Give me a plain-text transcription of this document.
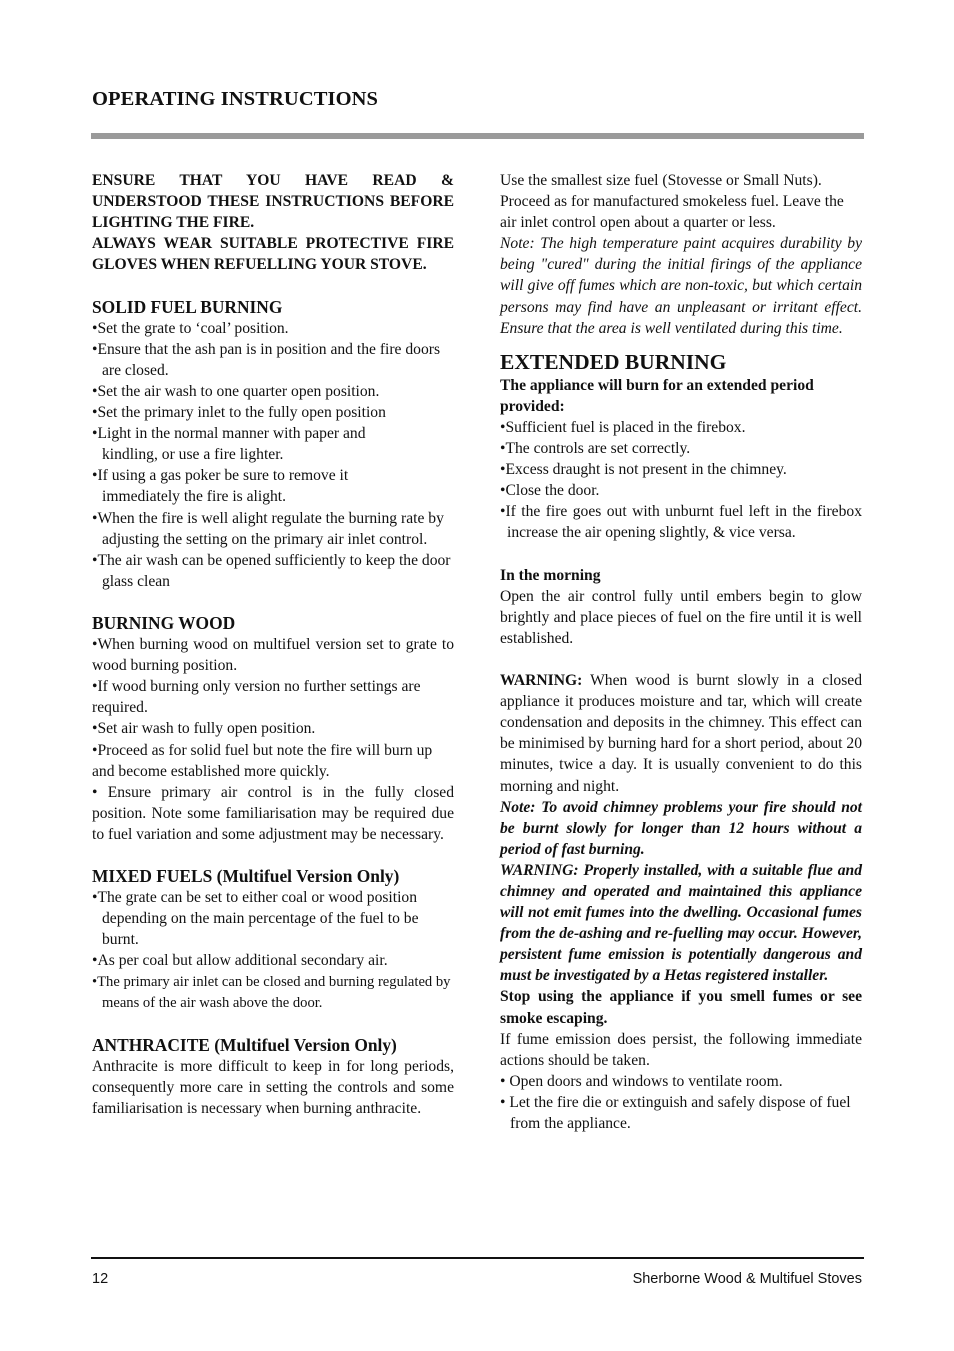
OPERATING INSTRUCTIONS

ENSURE THAT YOU HAVE READ & UNDERSTOOD THESE INSTRUCTIONS BEFORE LIGHTING THE FIRE.

ALWAYS WEAR SUITABLE PROTECTIVE FIRE GLOVES WHEN REFUELLING YOUR STOVE.

SOLID FUEL BURNING

•Set the grate to ‘coal’ position.

•Ensure that the ash pan is in position and the fire doors are closed.

•Set the air wash to one quarter open position.

•Set the primary inlet to the fully open position

•Light in the normal manner with paper and kindling, or use a fire lighter.

•If using a gas poker be sure to remove it immediately the fire is alight.

•When the fire is well alight regulate the burning rate by adjusting the setting on the primary air inlet control.

•The air wash can be opened sufficiently to keep the door glass clean

BURNING WOOD

•When burning wood on multifuel version set to grate to wood burning position.

•If wood burning only version no further settings are required.

•Set air wash to fully open position.

•Proceed as for solid fuel but note the fire will burn up and become established more quickly.

• Ensure primary air control is in the fully closed position. Note some familiarisation may be required due to fuel variation and some adjustment may be necessary.

MIXED FUELS (Multifuel Version Only)

•The grate can be set to either coal or wood position depending on the main percentage of the fuel to be burnt.

•As per coal but allow additional secondary air.

•The primary air inlet can be closed and burning regulated by means of the air wash above the door.

ANTHRACITE (Multifuel Version Only)

Anthracite is more difficult to keep in for long periods, consequently more care in setting the controls and some familiarisation is necessary when burning anthracite.

Use the smallest size fuel (Stovesse or Small Nuts). Proceed as for manufactured smokeless fuel. Leave the air inlet control open about a quarter or less.

Note: The high temperature paint acquires durability by being "cured" during the initial firings of the appliance will give off fumes which are non-toxic, but which certain persons may find have an unpleasant or irritant effect. Ensure that the area is well ventilated during this time.

EXTENDED BURNING

The appliance will burn for an extended period provided:

•Sufficient fuel is placed in the firebox.

•The controls are set correctly.

•Excess draught is not present in the chimney.

•Close the door.

•If the fire goes out with unburnt fuel left in the firebox increase the air opening slightly, & vice versa.

In the morning

Open the air control fully until embers begin to glow brightly and place pieces of fuel on the fire until it is well established.

WARNING: When wood is burnt slowly in a closed appliance it produces moisture and tar, which will create condensation and deposits in the chimney. This effect can be minimised by burning hard for a short period, about 20 minutes, twice a day. It is usually convenient to do this morning and night.

Note: To avoid chimney problems your fire should not be burnt slowly for longer than 12 hours without a period of fast burning.

WARNING: Properly installed, with a suitable flue and chimney and operated and maintained this appliance will not emit fumes into the dwelling. Occasional fumes from the de-ashing and re-fuelling may occur. However, persistent fume emission is potentially dangerous and must be investigated by a Hetas registered installer.

Stop using the appliance if you smell fumes or see smoke escaping.

If fume emission does persist, the following immediate actions should be taken.

• Open doors and windows to ventilate room.

• Let the fire die or extinguish and safely dispose of fuel from the appliance.

12	Sherborne Wood & Multifuel Stoves
